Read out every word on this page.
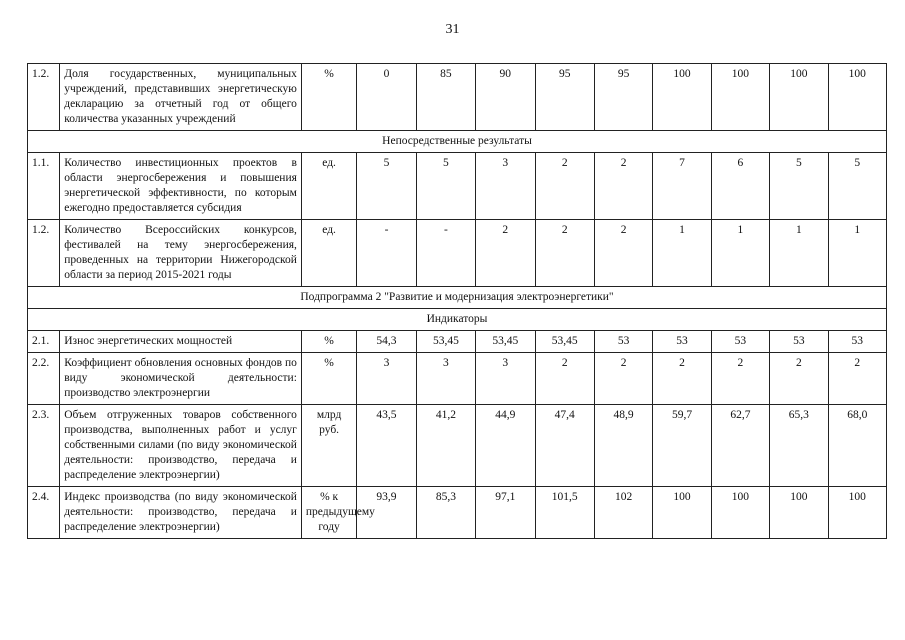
31
1.2.	Доля государственных, муниципальных учреждений, представивших энергетическую декларацию за отчетный год от общего количества указанных учреждений	%	0	85	90	95	95	100	100	100	100
Непосредственные результаты											
1.1.	Количество инвестиционных проектов в области энергосбережения и повышения энергетической эффективности, по которым ежегодно предоставляется субсидия	ед.	5	5	3	2	2	7	6	5	5
1.2.	Количество Всероссийских конкурсов, фестивалей на тему энергосбережения, проведенных на территории Нижегородской области за период 2015-2021 годы	ед.	-	-	2	2	2	1	1	1	1
Подпрограмма 2 "Развитие и модернизация электроэнергетики"											
Индикаторы											
2.1.	Износ энергетических мощностей	%	54,3	53,45	53,45	53,45	53	53	53	53	53
2.2.	Коэффициент обновления основных фондов по виду экономической деятельности: производство электроэнергии	%	3	3	3	2	2	2	2	2	2
2.3.	Объем отгруженных товаров собственного производства, выполненных работ и услуг собственными силами (по виду экономической деятельности: производство, передача и распределение электроэнергии)	млрд руб.	43,5	41,2	44,9	47,4	48,9	59,7	62,7	65,3	68,0
2.4.	Индекс производства (по виду экономической деятельности: производство, передача и распределение электроэнергии)	% к предыдущему году	93,9	85,3	97,1	101,5	102	100	100	100	100
